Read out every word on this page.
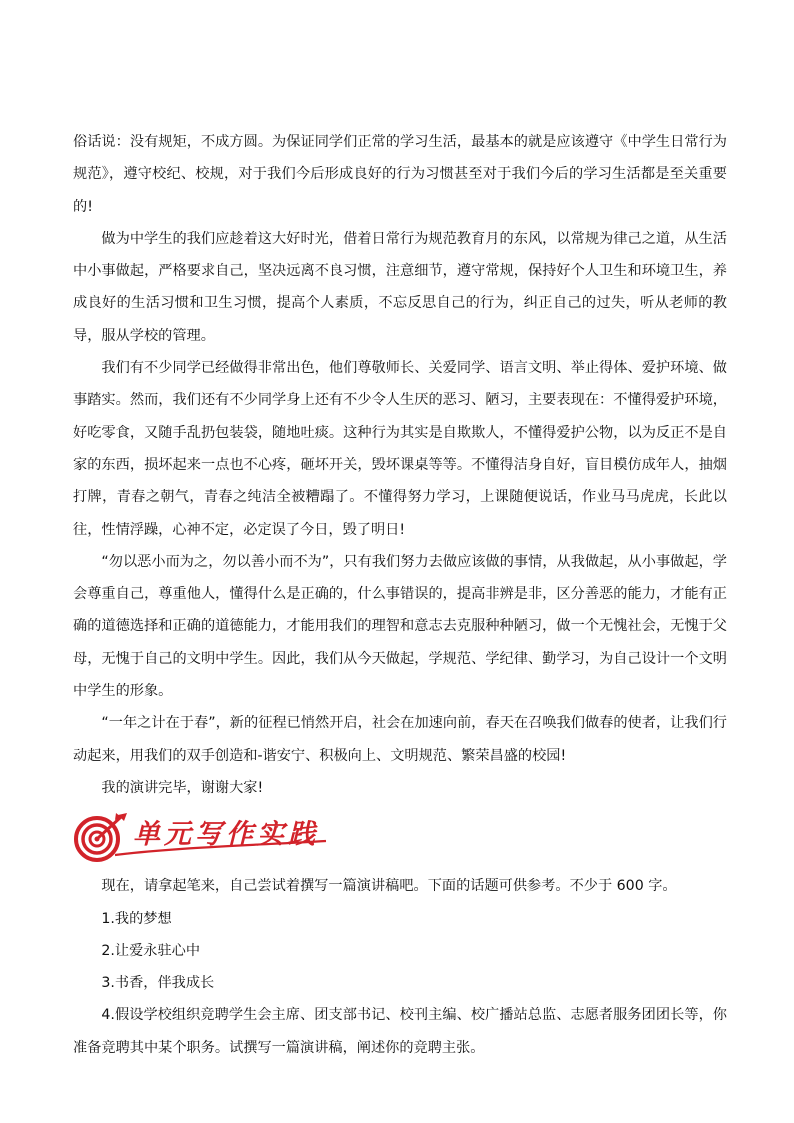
俗话说：没有规矩，不成方圆。为保证同学们正常的学习生活，最基本的就是应该遵守《中学生日常行为规范》，遵守校纪、校规，对于我们今后形成良好的行为习惯甚至对于我们今后的学习生活都是至关重要的!

做为中学生的我们应趁着这大好时光，借着日常行为规范教育月的东风，以常规为律己之道，从生活中小事做起，严格要求自己，坚决远离不良习惯，注意细节，遵守常规，保持好个人卫生和环境卫生，养成良好的生活习惯和卫生习惯，提高个人素质，不忘反思自己的行为，纠正自己的过失，听从老师的教导，服从学校的管理。

我们有不少同学已经做得非常出色，他们尊敬师长、关爱同学、语言文明、举止得体、爱护环境、做事踏实。然而，我们还有不少同学身上还有不少令人生厌的恶习、陋习，主要表现在：不懂得爱护环境，好吃零食，又随手乱扔包装袋，随地吐痰。这种行为其实是自欺欺人，不懂得爱护公物，以为反正不是自家的东西，损坏起来一点也不心疼，砸坏开关，毁坏课桌等等。不懂得洁身自好，盲目模仿成年人，抽烟打牌，青春之朝气，青春之纯洁全被糟蹋了。不懂得努力学习，上课随便说话，作业马马虎虎，长此以往，性情浮躁，心神不定，必定误了今日，毁了明日!

“勿以恶小而为之，勿以善小而不为”，只有我们努力去做应该做的事情，从我做起，从小事做起，学会尊重自己，尊重他人，懂得什么是正确的，什么事错误的，提高非辨是非，区分善恶的能力，才能有正确的道德选择和正确的道德能力，才能用我们的理智和意志去克服种种陋习，做一个无愧社会，无愧于父母，无愧于自己的文明中学生。因此，我们从今天做起，学规范、学纪律、勤学习，为自己设计一个文明中学生的形象。

“一年之计在于春”，新的征程已悄然开启，社会在加速向前，春天在召唤我们做春的使者，让我们行动起来，用我们的双手创造和-谐安宁、积极向上、文明规范、繁荣昌盛的校园!

我的演讲完毕，谢谢大家!

单元写作实践

现在，请拿起笔来，自己尝试着撰写一篇演讲稿吧。下面的话题可供参考。不少于 600 字。

1.我的梦想

2.让爱永驻心中

3.书香，伴我成长

4.假设学校组织竞聘学生会主席、团支部书记、校刊主编、校广播站总监、志愿者服务团团长等，你准备竞聘其中某个职务。试撰写一篇演讲稿，阐述你的竞聘主张。
